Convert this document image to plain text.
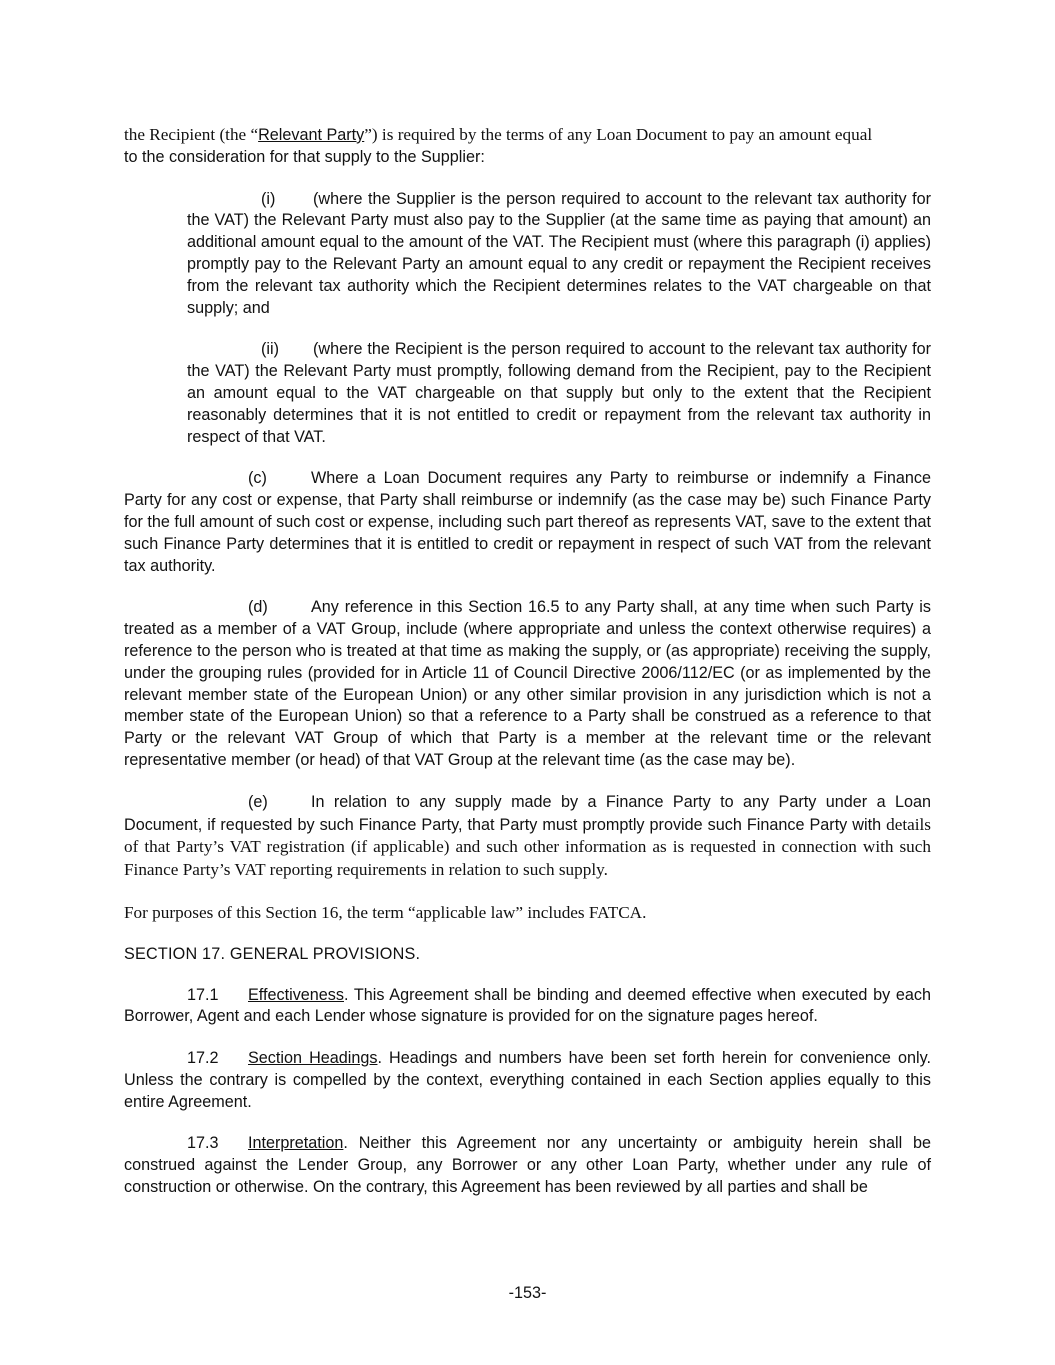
the Recipient (the “Relevant Party”) is required by the terms of any Loan Document to pay an amount equal
to the consideration for that supply to the Supplier:

(i) (where the Supplier is the person required to account to the relevant tax authority for the VAT) the Relevant Party must also pay to the Supplier (at the same time as paying that amount) an additional amount equal to the amount of the VAT. The Recipient must (where this paragraph (i) applies) promptly pay to the Relevant Party an amount equal to any credit or repayment the Recipient receives from the relevant tax authority which the Recipient determines relates to the VAT chargeable on that supply; and

(ii) (where the Recipient is the person required to account to the relevant tax authority for the VAT) the Relevant Party must promptly, following demand from the Recipient, pay to the Recipient an amount equal to the VAT chargeable on that supply but only to the extent that the Recipient reasonably determines that it is not entitled to credit or repayment from the relevant tax authority in respect of that VAT.

(c)	Where a Loan Document requires any Party to reimburse or indemnify a Finance Party for any cost or expense, that Party shall reimburse or indemnify (as the case may be) such Finance Party for the full amount of such cost or expense, including such part thereof as represents VAT, save to the extent that such Finance Party determines that it is entitled to credit or repayment in respect of such VAT from the relevant tax authority.

(d)	Any reference in this Section 16.5 to any Party shall, at any time when such Party is treated as a member of a VAT Group, include (where appropriate and unless the context otherwise requires) a reference to the person who is treated at that time as making the supply, or (as appropriate) receiving the supply, under the grouping rules (provided for in Article 11 of Council Directive 2006/112/EC (or as implemented by the relevant member state of the European Union) or any other similar provision in any jurisdiction which is not a member state of the European Union) so that a reference to a Party shall be construed as a reference to that Party or the relevant VAT Group of which that Party is a member at the relevant time or the relevant representative member (or head) of that VAT Group at the relevant time (as the case may be).

(e)	In relation to any supply made by a Finance Party to any Party under a Loan Document, if requested by such Finance Party, that Party must promptly provide such Finance Party with details of that Party’s VAT registration (if applicable) and such other information as is requested in connection with such Finance Party’s VAT reporting requirements in relation to such supply.

For purposes of this Section 16, the term “applicable law” includes FATCA.

SECTION 17. GENERAL PROVISIONS.

17.1 Effectiveness. This Agreement shall be binding and deemed effective when executed by each Borrower, Agent and each Lender whose signature is provided for on the signature pages hereof.

17.2 Section Headings. Headings and numbers have been set forth herein for convenience only. Unless the contrary is compelled by the context, everything contained in each Section applies equally to this entire Agreement.

17.3 Interpretation. Neither this Agreement nor any uncertainty or ambiguity herein shall be construed against the Lender Group, any Borrower or any other Loan Party, whether under any rule of construction or otherwise. On the contrary, this Agreement has been reviewed by all parties and shall be

-153-
